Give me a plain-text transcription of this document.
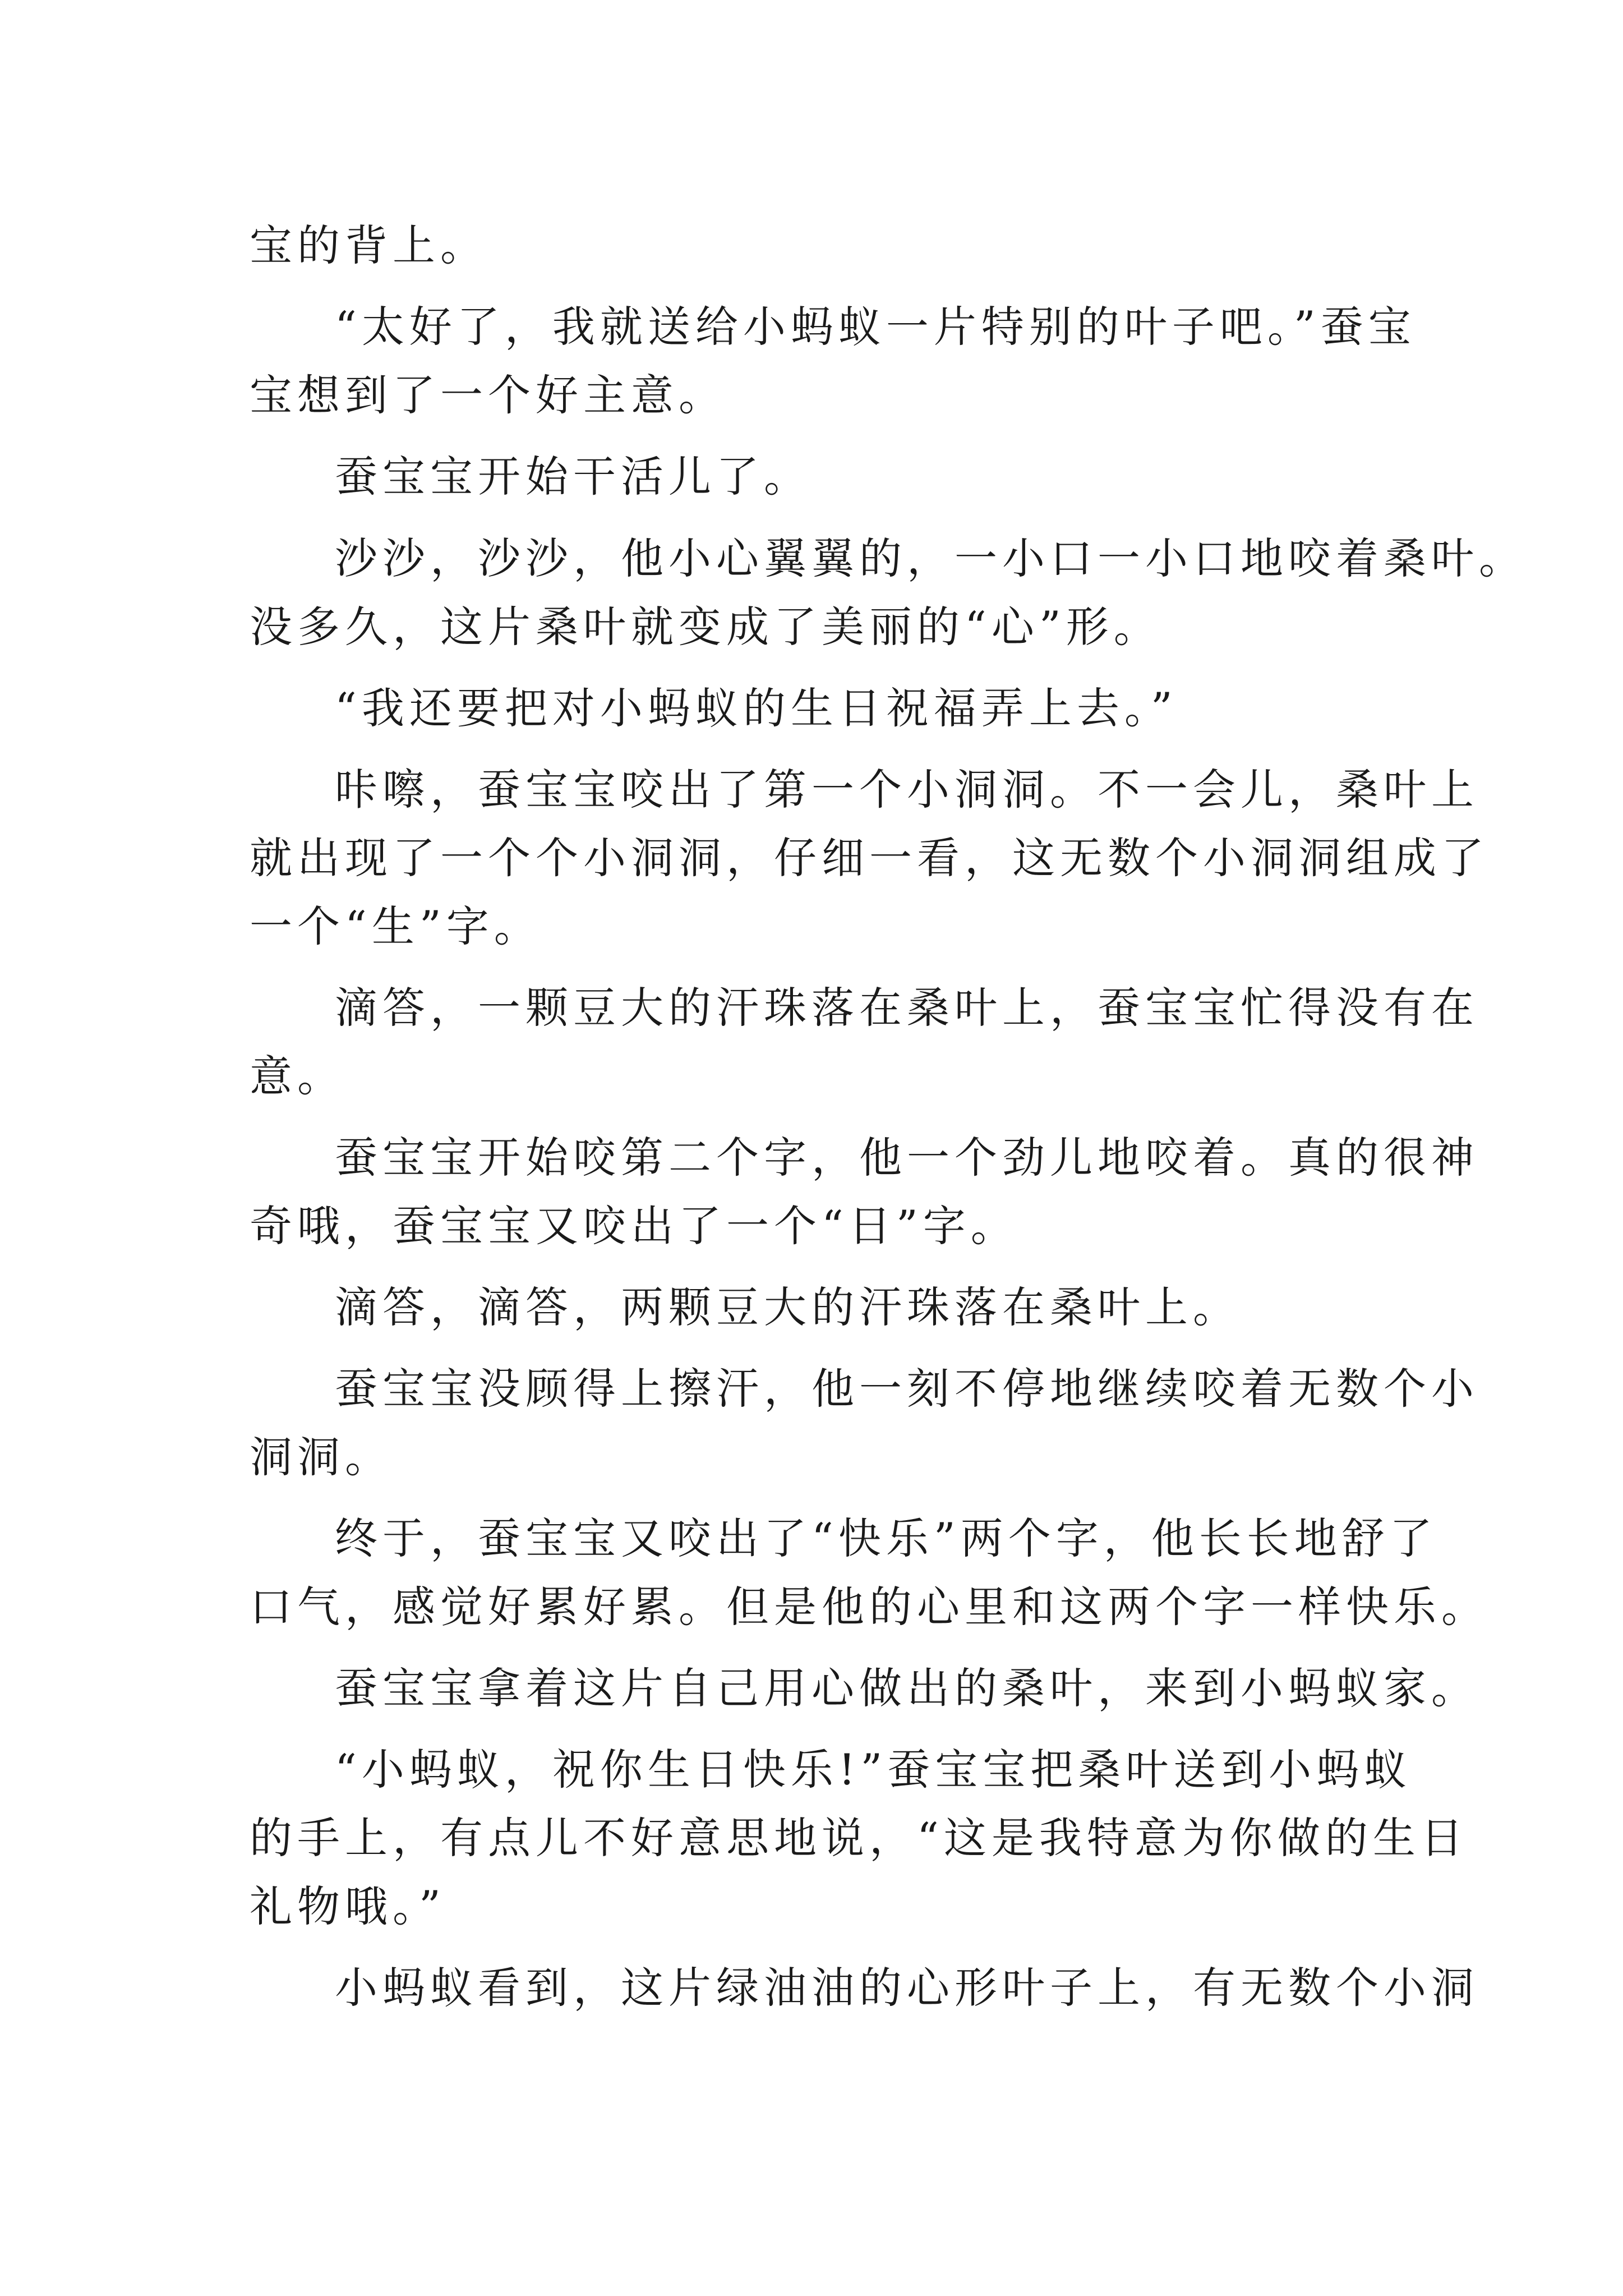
宝的背上。
“太好了，我就送给小蚂蚁一片特别的叶子吧。”蚕宝
宝想到了一个好主意。
蚕宝宝开始干活儿了。
沙沙，沙沙，他小心翼翼的，一小口一小口地咬着桑叶。
没多久，这片桑叶就变成了美丽的“心”形。
“我还要把对小蚂蚁的生日祝福弄上去。”
咔嚓，蚕宝宝咬出了第一个小洞洞。不一会儿，桑叶上
就出现了一个个小洞洞，仔细一看，这无数个小洞洞组成了
一个“生”字。
滴答，一颗豆大的汗珠落在桑叶上，蚕宝宝忙得没有在
意。
蚕宝宝开始咬第二个字，他一个劲儿地咬着。真的很神
奇哦，蚕宝宝又咬出了一个“日”字。
滴答，滴答，两颗豆大的汗珠落在桑叶上。
蚕宝宝没顾得上擦汗，他一刻不停地继续咬着无数个小
洞洞。
终于，蚕宝宝又咬出了“快乐”两个字，他长长地舒了
口气，感觉好累好累。但是他的心里和这两个字一样快乐。
蚕宝宝拿着这片自己用心做出的桑叶，来到小蚂蚁家。
“小蚂蚁，祝你生日快乐!”蚕宝宝把桑叶送到小蚂蚁
的手上，有点儿不好意思地说，“这是我特意为你做的生日
礼物哦。”
小蚂蚁看到，这片绿油油的心形叶子上，有无数个小洞
